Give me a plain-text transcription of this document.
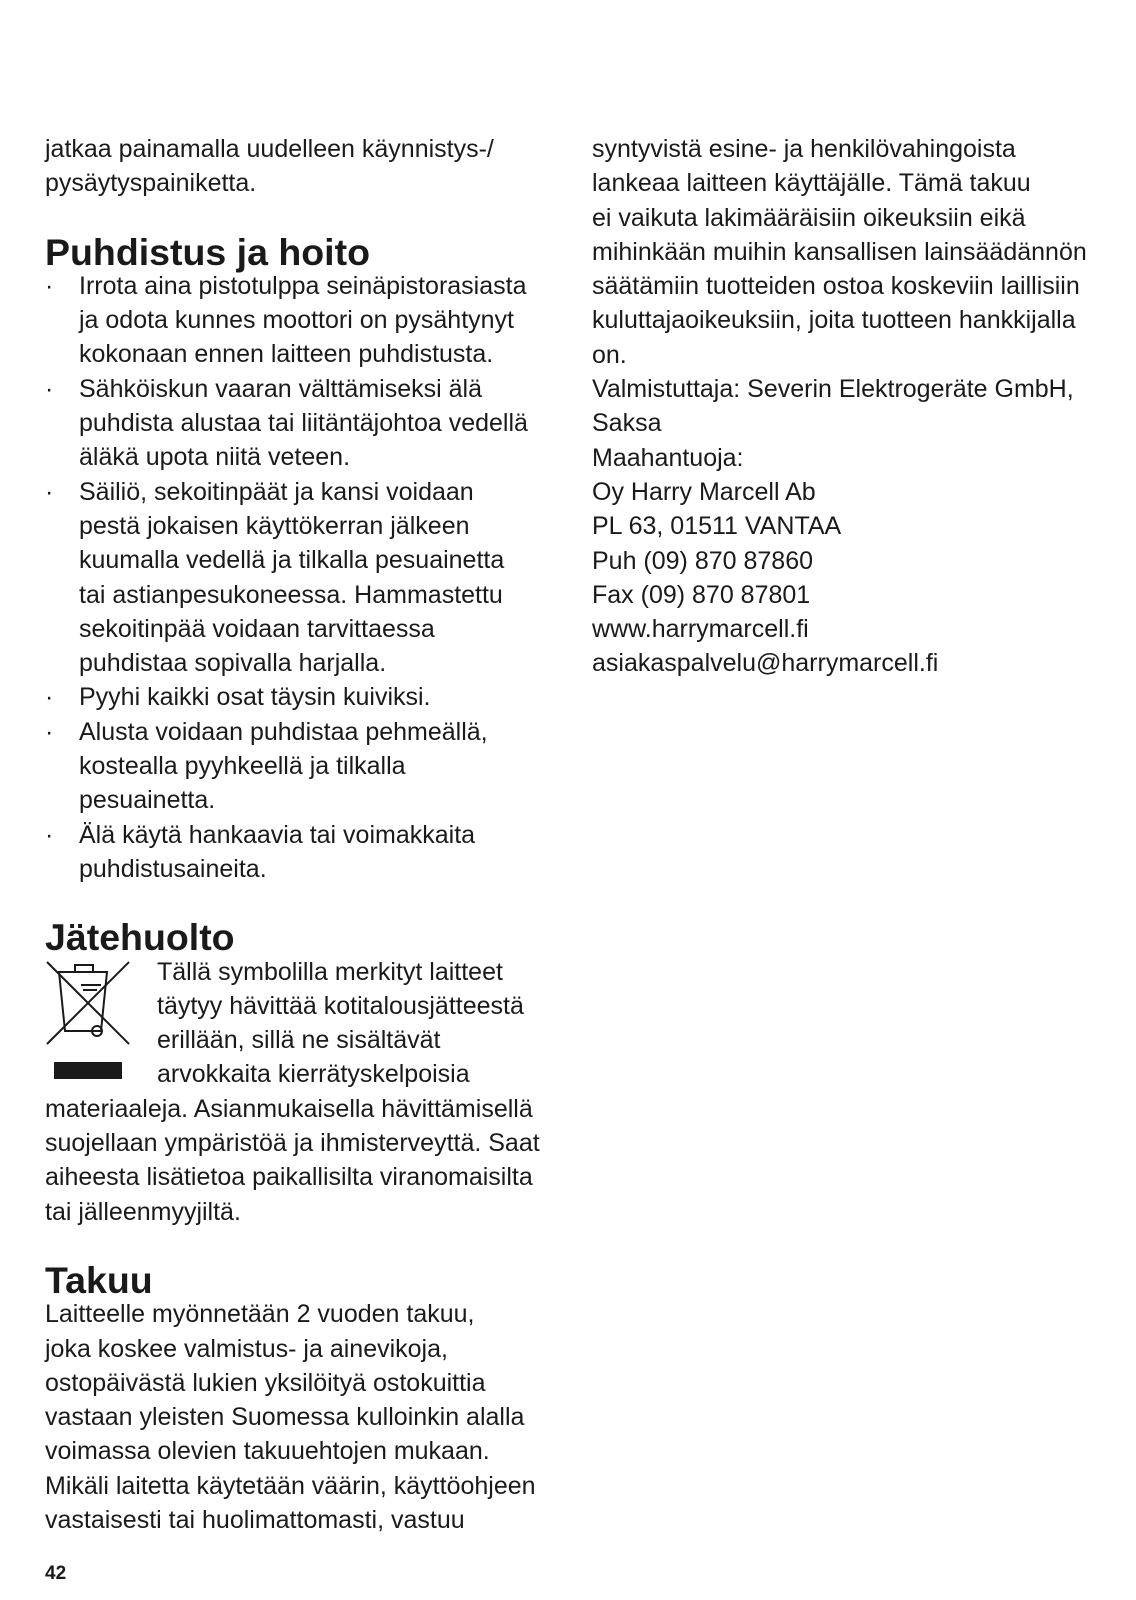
jatkaa painamalla uudelleen käynnistys-/
pysäytyspainiketta.

Puhdistus ja hoito
·	Irrota aina pistotulppa seinäpistorasiasta
ja odota kunnes moottori on pysähtynyt
kokonaan ennen laitteen puhdistusta.

·	Sähköiskun vaaran välttämiseksi älä
puhdista alustaa tai liitäntäjohtoa vedellä
äläkä upota niitä veteen.

·	Säiliö, sekoitinpäät ja kansi voidaan
pestä jokaisen käyttökerran jälkeen
kuumalla vedellä ja tilkalla pesuainetta
tai astianpesukoneessa. Hammastettu
sekoitinpää voidaan tarvittaessa
puhdistaa sopivalla harjalla.

·	Pyyhi kaikki osat täysin kuiviksi.

·	Alusta voidaan puhdistaa pehmeällä,
kostealla pyyhkeellä ja tilkalla
pesuainetta.

·	Älä käytä hankaavia tai voimakkaita
puhdistusaineita.

Jätehuolto

Tällä symbolilla merkityt laitteet
täytyy hävittää kotitalousjätteestä
erillään, sillä ne sisältävät
arvokkaita kierrätyskelpoisia

materiaaleja. Asianmukaisella hävittämisellä
suojellaan ympäristöä ja ihmisterveyttä. Saat
aiheesta lisätietoa paikallisilta viranomaisilta
tai jälleenmyyjiltä.

Takuu

Laitteelle myönnetään 2 vuoden takuu,
joka koskee valmistus- ja ainevikoja,
ostopäivästä lukien yksilöityä ostokuittia
vastaan yleisten Suomessa kulloinkin alalla
voimassa olevien takuuehtojen mukaan.
Mikäli laitetta käytetään väärin, käyttöohjeen
vastaisesti tai huolimattomasti, vastuu

syntyvistä esine- ja henkilövahingoista
lankeaa laitteen käyttäjälle. Tämä takuu
ei vaikuta lakimääräisiin oikeuksiin eikä
mihinkään muihin kansallisen lainsäädännön
säätämiin tuotteiden ostoa koskeviin laillisiin
kuluttajaoikeuksiin, joita tuotteen hankkijalla
on.

Valmistuttaja: Severin Elektrogeräte GmbH,
Saksa

Maahantuoja:

Oy Harry Marcell Ab

PL 63, 01511 VANTAA

Puh (09) 870 87860

Fax (09) 870 87801

www.harrymarcell.fi

asiakaspalvelu@harrymarcell.fi

42
